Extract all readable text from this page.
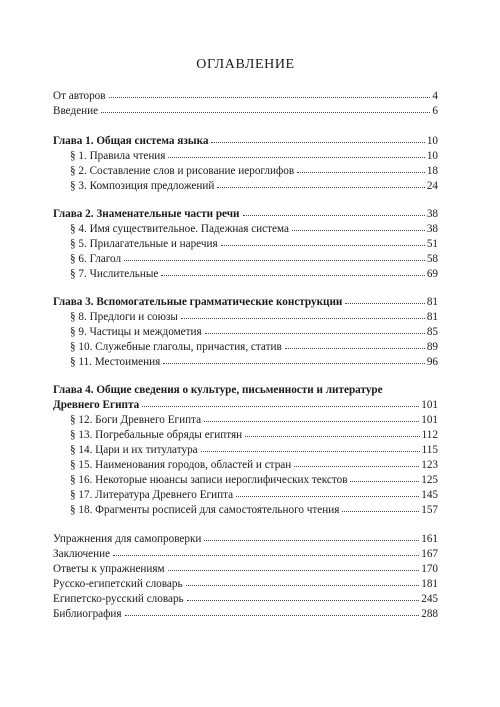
ОГЛАВЛЕНИЕ
От авторов	4
Введение	6
Глава 1. Общая система языка	10
§ 1. Правила чтения	10
§ 2. Составление слов и рисование иероглифов	18
§ 3. Композиция предложений	24
Глава 2. Знаменательные части речи	38
§ 4. Имя существительное. Падежная система	38
§ 5. Прилагательные и наречия	51
§ 6. Глагол	58
§ 7. Числительные	69
Глава 3. Вспомогательные грамматические конструкции	81
§ 8. Предлоги и союзы	81
§ 9. Частицы и междометия	85
§ 10. Служебные глаголы, причастия, статив	89
§ 11. Местоимения	96
Глава 4. Общие сведения о культуре, письменности и литературе
Древнего Египта	101
§ 12. Боги Древнего Египта	101
§ 13. Погребальные обряды египтян	112
§ 14. Цари и их титулатура	115
§ 15. Наименования городов, областей и стран	123
§ 16. Некоторые нюансы записи иероглифических текстов	125
§ 17. Литература Древнего Египта	145
§ 18. Фрагменты росписей для самостоятельного чтения	157
Упражнения для самопроверки	161
Заключение	167
Ответы к упражнениям	170
Русско-египетский словарь	181
Египетско-русский словарь	245
Библиография	288
